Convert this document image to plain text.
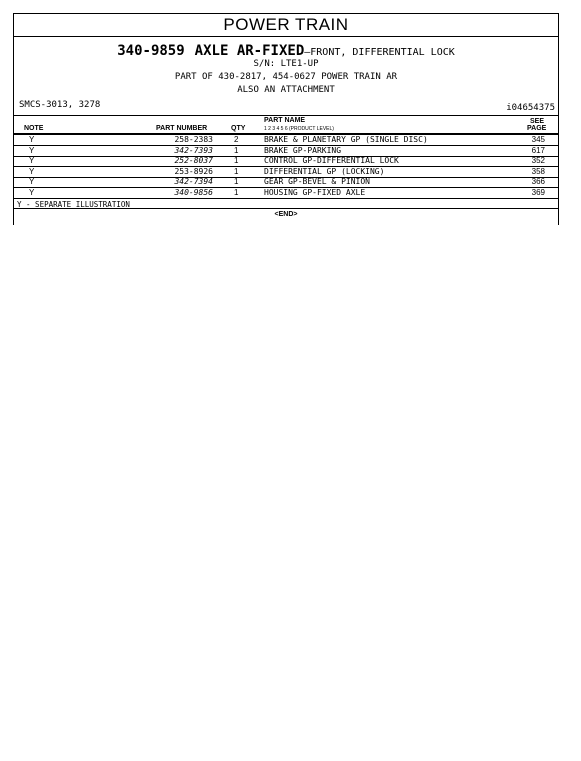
POWER TRAIN
340-9859 AXLE AR-FIXED—FRONT, DIFFERENTIAL LOCK
S/N: LTE1-UP
PART OF 430-2817, 454-0627 POWER TRAIN AR
ALSO AN ATTACHMENT
SMCS-3013, 3278	i04654375
NOTE	PART NUMBER	QTY
PART NAME
1 2 3 4 5 6 (PRODUCT LEVEL)
SEE
PAGE
Y	258-2383	2	BRAKE & PLANETARY GP (SINGLE DISC)	345
Y	342-7393	1	BRAKE GP-PARKING	617
Y	252-8037	1	CONTROL GP-DIFFERENTIAL LOCK	352
Y	253-8926	1	DIFFERENTIAL GP (LOCKING)	358
Y	342-7394	1	GEAR GP-BEVEL & PINION	366
Y	340-9856	1	HOUSING GP-FIXED AXLE	369
Y - SEPARATE ILLUSTRATION
<END>
